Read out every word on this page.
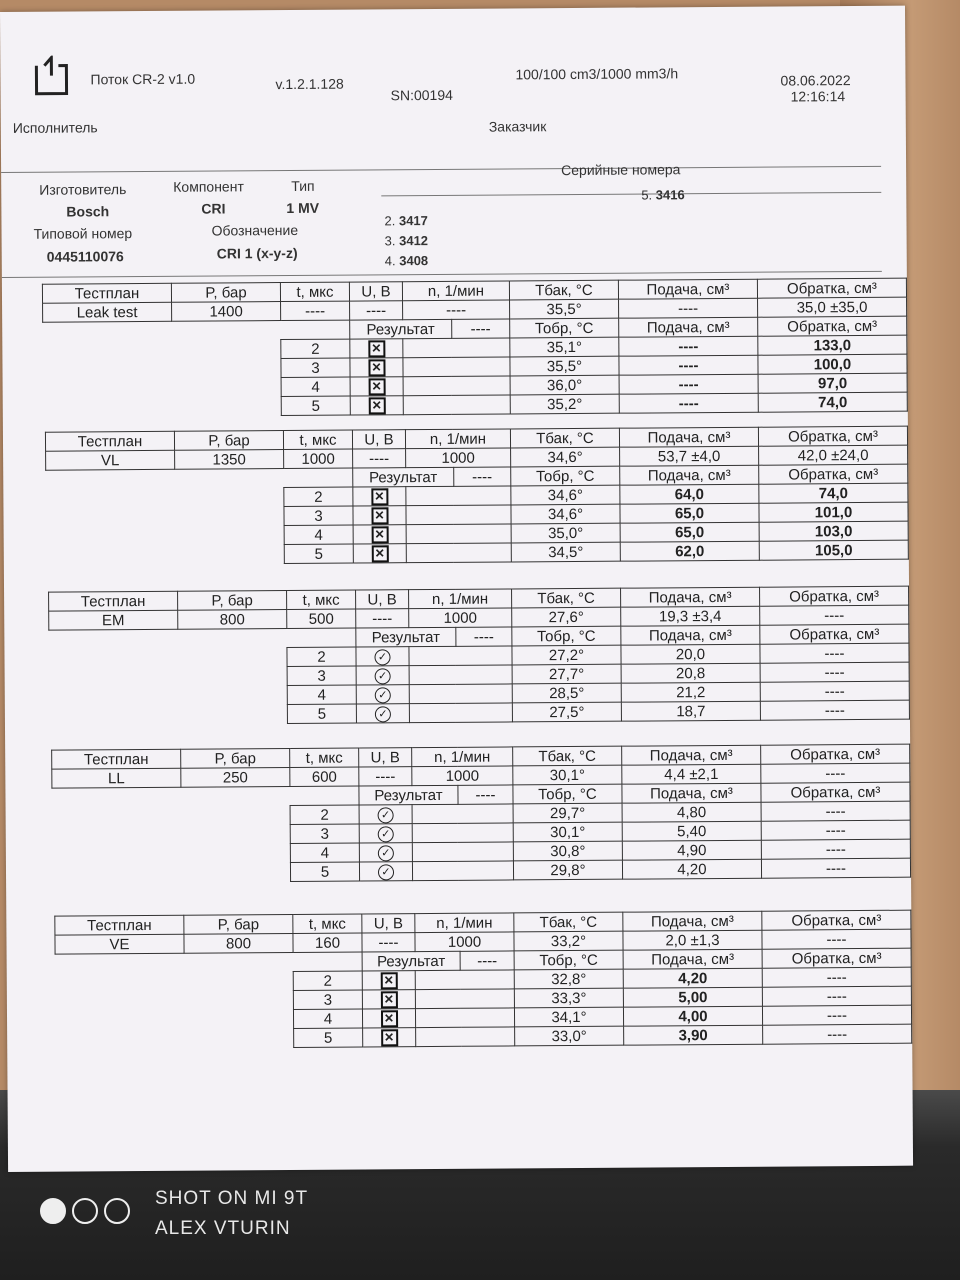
Поток CR-2 v1.0	v.1.2.1.128
SN:00194
100/100 cm3/1000 mm3/h	08.06.2022
12:16:14
Исполнитель	Заказчик
Изготовитель
Bosch
Компонент
CRI
Тип
1 MV
Типовой номер
0445110076
Обозначение
CRI 1 (x-y-z)
Серийные номера
2. 3417
3. 3412
4. 3408
5. 3416
Тестплан	P, бар	t, мкс	U, В	n, 1/мин		Тбак, °С	Подача, см³	Обратка, см³
Leak test	1400	----	----	----		35,5°	----	35,0 ±35,0
			Результат		----	Тобр, °С	Подача, см³	Обратка, см³
		2	✕			35,1°	----	133,0
		3	✕			35,5°	----	100,0
		4	✕			36,0°	----	97,0
		5	✕			35,2°	----	74,0
Тестплан	P, бар	t, мкс	U, В	n, 1/мин		Тбак, °С	Подача, см³	Обратка, см³
VL	1350	1000	----	1000		34,6°	53,7 ±4,0	42,0 ±24,0
			Результат		----	Тобр, °С	Подача, см³	Обратка, см³
		2	✕			34,6°	64,0	74,0
		3	✕			34,6°	65,0	101,0
		4	✕			35,0°	65,0	103,0
		5	✕			34,5°	62,0	105,0
Тестплан	P, бар	t, мкс	U, В	n, 1/мин		Тбак, °С	Подача, см³	Обратка, см³
EM	800	500	----	1000		27,6°	19,3 ±3,4	----
			Результат		----	Тобр, °С	Подача, см³	Обратка, см³
		2	✓			27,2°	20,0	----
		3	✓			27,7°	20,8	----
		4	✓			28,5°	21,2	----
		5	✓			27,5°	18,7	----
Тестплан	P, бар	t, мкс	U, В	n, 1/мин		Тбак, °С	Подача, см³	Обратка, см³
LL	250	600	----	1000		30,1°	4,4 ±2,1	----
			Результат		----	Тобр, °С	Подача, см³	Обратка, см³
		2	✓			29,7°	4,80	----
		3	✓			30,1°	5,40	----
		4	✓			30,8°	4,90	----
		5	✓			29,8°	4,20	----
Тестплан	P, бар	t, мкс	U, В	n, 1/мин		Тбак, °С	Подача, см³	Обратка, см³
VE	800	160	----	1000		33,2°	2,0 ±1,3	----
			Результат		----	Тобр, °С	Подача, см³	Обратка, см³
		2	✕			32,8°	4,20	----
		3	✕			33,3°	5,00	----
		4	✕			34,1°	4,00	----
		5	✕			33,0°	3,90	----
SHOT ON MI 9T
ALEX VTURIN
